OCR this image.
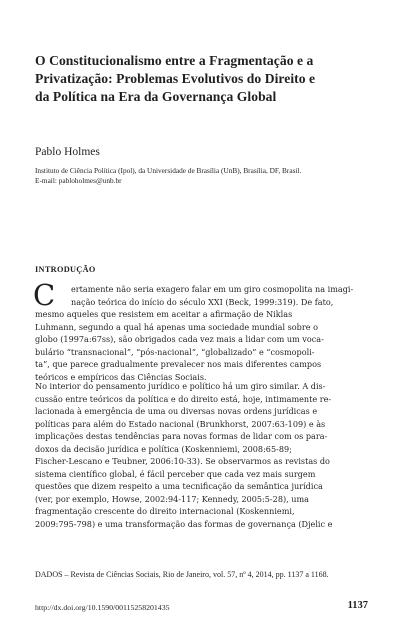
O Constitucionalismo entre a Fragmentação e a
Privatização: Problemas Evolutivos do Direito e
da Política na Era da Governança Global
Pablo Holmes
Instituto de Ciência Política (Ipol), da Universidade de Brasília (UnB), Brasília, DF, Brasil.
E-mail: pabloholmes@unb.br
INTRODUÇÃO
C	ertamente não seria exagero falar em um giro cosmopolita na imagi-
nação teórica do início do século XXI (Beck, 1999:319). De fato,
mesmo aqueles que resistem em aceitar a afirmação de Niklas
Luhmann, segundo a qual há apenas uma sociedade mundial sobre o
globo (1997a:67ss), são obrigados cada vez mais a lidar com um voca-
bulário “transnacional”, “pós-nacional”, “globalizado” e “cosmopoli-
ta”, que parece gradualmente prevalecer nos mais diferentes campos
teóricos e empíricos das Ciências Sociais.
No interior do pensamento jurídico e político há um giro similar. A dis-
cussão entre teóricos da política e do direito está, hoje, intimamente re-
lacionada à emergência de uma ou diversas novas ordens jurídicas e
políticas para além do Estado nacional (Brunkhorst, 2007:63-109) e às
implicações destas tendências para novas formas de lidar com os para-
doxos da decisão jurídica e política (Koskenniemi, 2008:65-89;
Fischer-Lescano e Teubner, 2006:10-33). Se observarmos as revistas do
sistema científico global, é fácil perceber que cada vez mais surgem
questões que dizem respeito a uma tecnificação da semântica jurídica
(ver, por exemplo, Howse, 2002:94-117; Kennedy, 2005:5-28), uma
fragmentação crescente do direito internacional (Koskenniemi,
2009:795-798) e uma transformação das formas de governança (Djelic e
DADOS – Revista de Ciências Sociais, Rio de Janeiro, vol. 57, nº 4, 2014, pp. 1137 a 1168.
http://dx.doi.org/10.1590/00115258201435	1137
